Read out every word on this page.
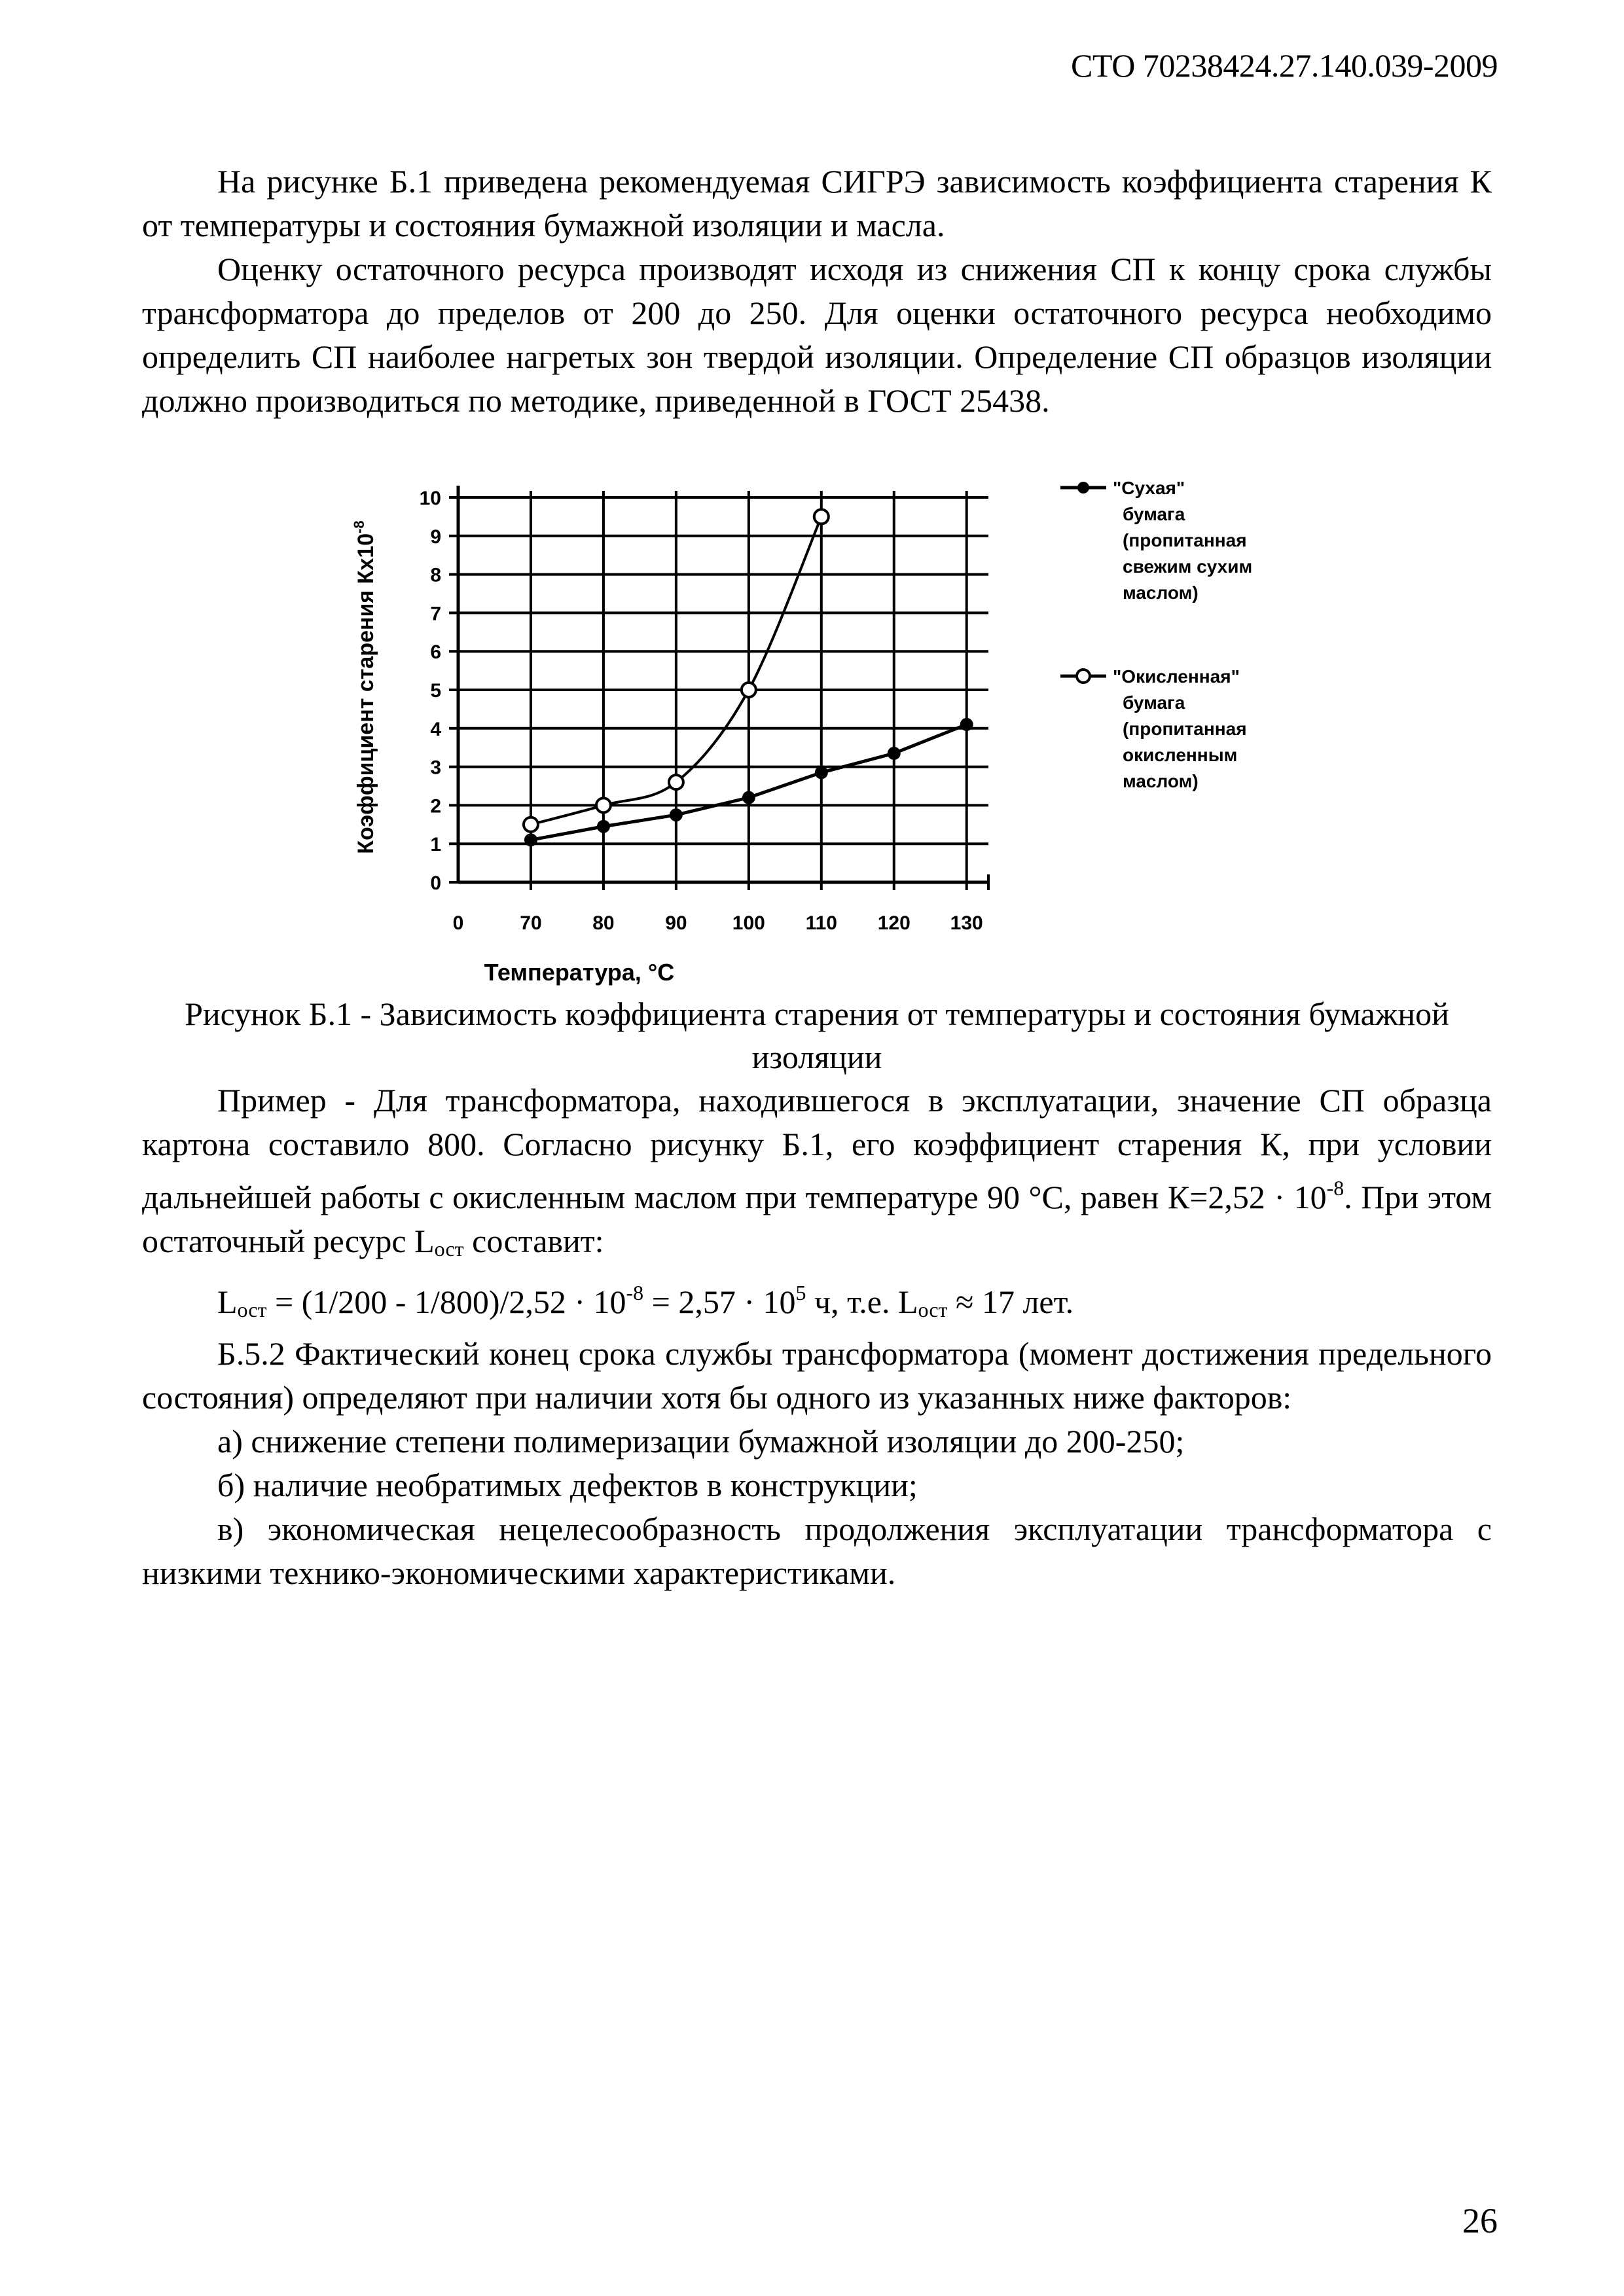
СТО 70238424.27.140.039-2009

На рисунке Б.1 приведена рекомендуемая СИГРЭ зависимость коэффициента старения К от температуры и состояния бумажной изоляции и масла.

Оценку остаточного ресурса производят исходя из снижения СП к концу срока службы трансформатора до пределов от 200 до 250. Для оценки остаточного ресурса необходимо определить СП наиболее нагретых зон твердой изоляции. Определение СП образцов изоляции должно производиться по методике, приведенной в ГОСТ 25438.

0
1
2
3
4
5
6
7
8
9
10
0	70	80	90 100 110 120 130
Коэффициент старения $Кх10^{-8}$
Температура, °С
"Сухая"
бумага
(пропитанная
свежим сухим
маслом)
"Окисленная"
бумага
(пропитанная
окисленным
маслом)
Рисунок Б.1 - Зависимость коэффициента старения от температуры и состояния бумажной изоляции

Пример - Для трансформатора, находившегося в эксплуатации, значение СП образца картона составило 800. Согласно рисунку Б.1, его коэффициент старения К, при условии дальнейшей работы с окисленным маслом при температуре 90 °С, равен $К=2,52 \cdot 10^{-8}$. При этом остаточный ресурс Lост составит:

Lост = $(1/200 - 1/800)/2,52 \cdot 10^{-8} = 2,57 \cdot 10^5$ ч, т.е. Lост ≈ 17 лет.

Б.5.2 Фактический конец срока службы трансформатора (момент достижения предельного состояния) определяют при наличии хотя бы одного из указанных ниже факторов:

а) снижение степени полимеризации бумажной изоляции до 200-250;

б) наличие необратимых дефектов в конструкции;

в) экономическая нецелесообразность продолжения эксплуатации трансформатора с низкими технико-экономическими характеристиками.

26
